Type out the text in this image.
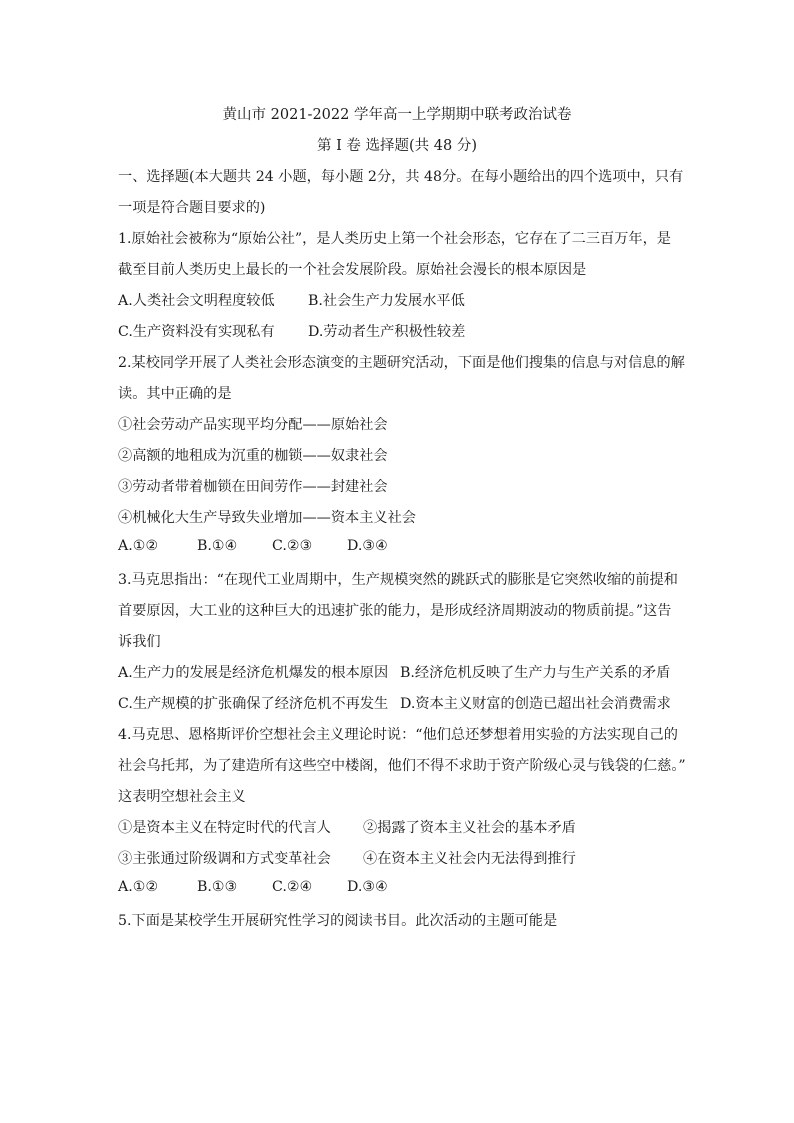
黄山市 2021-2022 学年高一上学期期中联考政治试卷
第 I 卷 选择题(共 48 分)
一、选择题(本大题共 24 小题，每小题 2分，共 48分。在每小题给出的四个选项中，只有
一项是符合题目要求的)
1.原始社会被称为“原始公社”，是人类历史上第一个社会形态，它存在了二三百万年，是
截至目前人类历史上最长的一个社会发展阶段。原始社会漫长的根本原因是
A.人类社会文明程度较低 B.社会生产力发展水平低
C.生产资料没有实现私有 D.劳动者生产积极性较差
2.某校同学开展了人类社会形态演变的主题研究活动，下面是他们搜集的信息与对信息的解
读。其中正确的是
①社会劳动产品实现平均分配——原始社会
②高额的地租成为沉重的枷锁——奴隶社会
③劳动者带着枷锁在田间劳作——封建社会
④机械化大生产导致失业增加——资本主义社会
A.①②	B.①④ C.②③ D.③④
3.马克思指出：“在现代工业周期中，生产规模突然的跳跃式的膨胀是它突然收缩的前提和
首要原因，大工业的这种巨大的迅速扩张的能力，是形成经济周期波动的物质前提。”这告
诉我们
A.生产力的发展是经济危机爆发的根本原因 B.经济危机反映了生产力与生产关系的矛盾
C.生产规模的扩张确保了经济危机不再发生 D.资本主义财富的创造已超出社会消费需求
4.马克思、恩格斯评价空想社会主义理论时说：“他们总还梦想着用实验的方法实现自己的
社会乌托邦，为了建造所有这些空中楼阁，他们不得不求助于资产阶级心灵与钱袋的仁慈。”
这表明空想社会主义
①是资本主义在特定时代的代言人 ②揭露了资本主义社会的基本矛盾
③主张通过阶级调和方式变革社会 ④在资本主义社会内无法得到推行
A.①②	B.①③ C.②④ D.③④
5.下面是某校学生开展研究性学习的阅读书目。此次活动的主题可能是
